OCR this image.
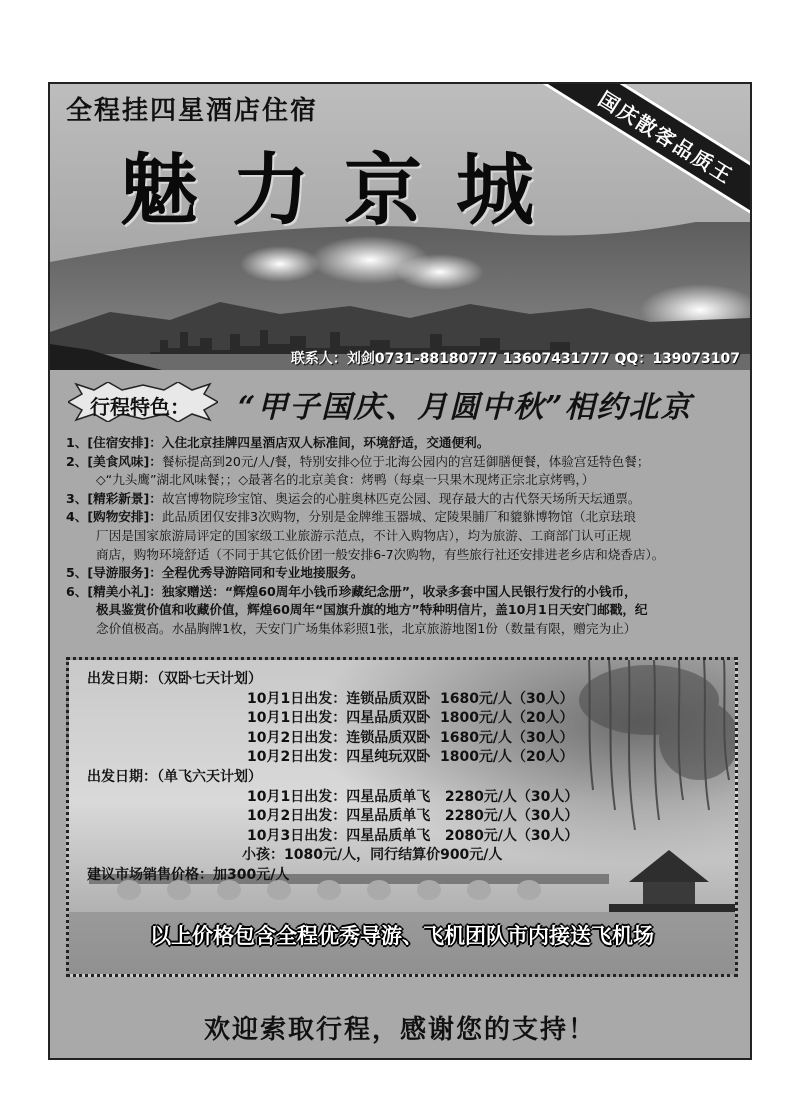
全程挂四星酒店住宿
魅力京城
国庆散客品质王
联系人：刘剑0731-88180777 13607431777 QQ：139073107
行程特色： “甲子国庆、月圆中秋”相约北京
1、[住宿安排]：入住北京挂牌四星酒店双人标准间，环境舒适，交通便利。
2、[美食风味]：餐标提高到20元/人/餐，特别安排◇位于北海公园内的宫廷御膳便餐，体验宫廷特色餐；
◇“九头鹰”湖北风味餐；；◇最著名的北京美食：烤鸭（每桌一只果木现烤正宗北京烤鸭，）
3、[精彩新景]：故宫博物院珍宝馆、奥运会的心脏奥林匹克公园、现存最大的古代祭天场所天坛通票。
4、[购物安排]：此品质团仅安排3次购物，分别是金牌维玉器城、定陵果脯厂和貔貅博物馆（北京珐琅
厂因是国家旅游局评定的国家级工业旅游示范点，不计入购物店），均为旅游、工商部门认可正规
商店，购物环境舒适（不同于其它低价团一般安排6-7次购物，有些旅行社还安排进老乡店和烧香店）。
5、[导游服务]：全程优秀导游陪同和专业地接服务。
6、[精美小礼]：独家赠送：“辉煌60周年小钱币珍藏纪念册”，收录多套中国人民银行发行的小钱币，
极具鉴赏价值和收藏价值，辉煌60周年“国旗升旗的地方”特种明信片，盖10月1日天安门邮戳，纪
念价值极高。水晶胸牌1枚，天安门广场集体彩照1张，北京旅游地图1份（数量有限，赠完为止）
出发日期：（双卧七天计划）
10月1日出发：连锁品质双卧  1680元/人（30人）
10月1日出发：四星品质双卧  1800元/人（20人）
10月2日出发：连锁品质双卧  1680元/人（30人）
10月2日出发：四星纯玩双卧  1800元/人（20人）
出发日期：（单飞六天计划）
10月1日出发：四星品质单飞   2280元/人（30人）
10月2日出发：四星品质单飞   2280元/人（30人）
10月3日出发：四星品质单飞   2080元/人（30人）
小孩：1080元/人，同行结算价900元/人
建议市场销售价格：加300元/人
以上价格包含全程优秀导游、飞机团队市内接送飞机场
欢迎索取行程，感谢您的支持！
